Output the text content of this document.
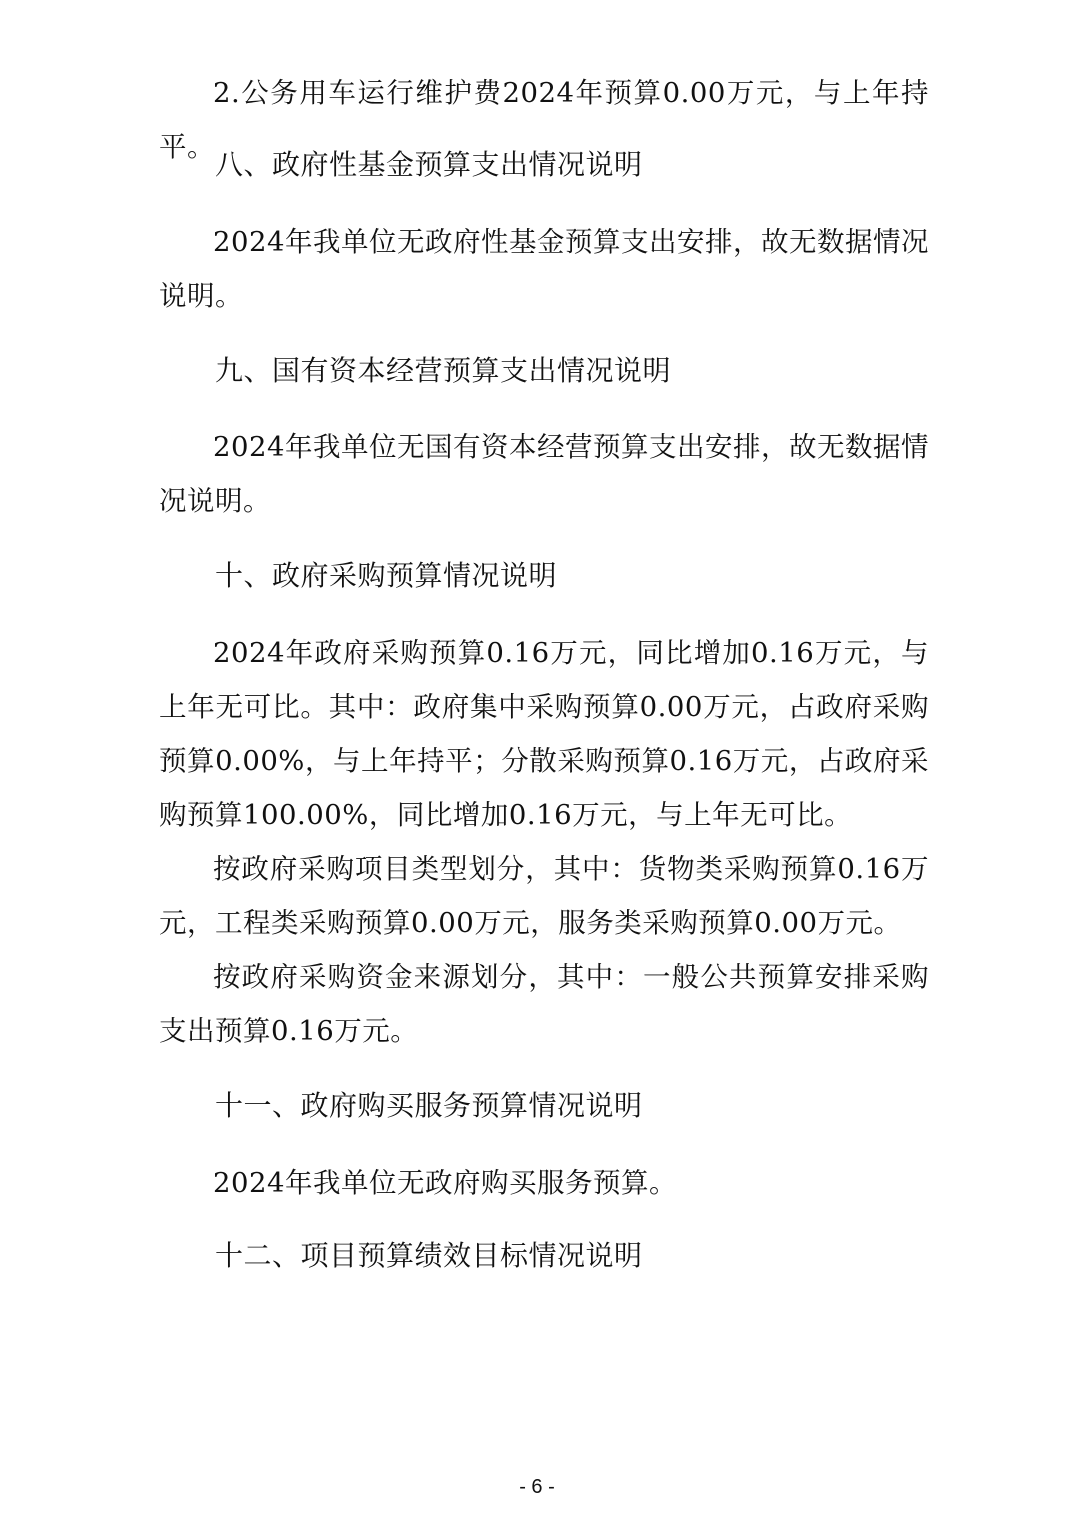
2.公务用车运行维护费2024年预算0.00万元，与上年持平。

八、政府性基金预算支出情况说明

2024年我单位无政府性基金预算支出安排，故无数据情况说明。

九、国有资本经营预算支出情况说明

2024年我单位无国有资本经营预算支出安排，故无数据情况说明。

十、政府采购预算情况说明

2024年政府采购预算0.16万元，同比增加0.16万元，与上年无可比。其中：政府集中采购预算0.00万元，占政府采购预算0.00%，与上年持平；分散采购预算0.16万元，占政府采购预算100.00%，同比增加0.16万元，与上年无可比。

按政府采购项目类型划分，其中：货物类采购预算0.16万元，工程类采购预算0.00万元，服务类采购预算0.00万元。

按政府采购资金来源划分，其中：一般公共预算安排采购支出预算0.16万元。

十一、政府购买服务预算情况说明

2024年我单位无政府购买服务预算。

十二、项目预算绩效目标情况说明

- 6 -
